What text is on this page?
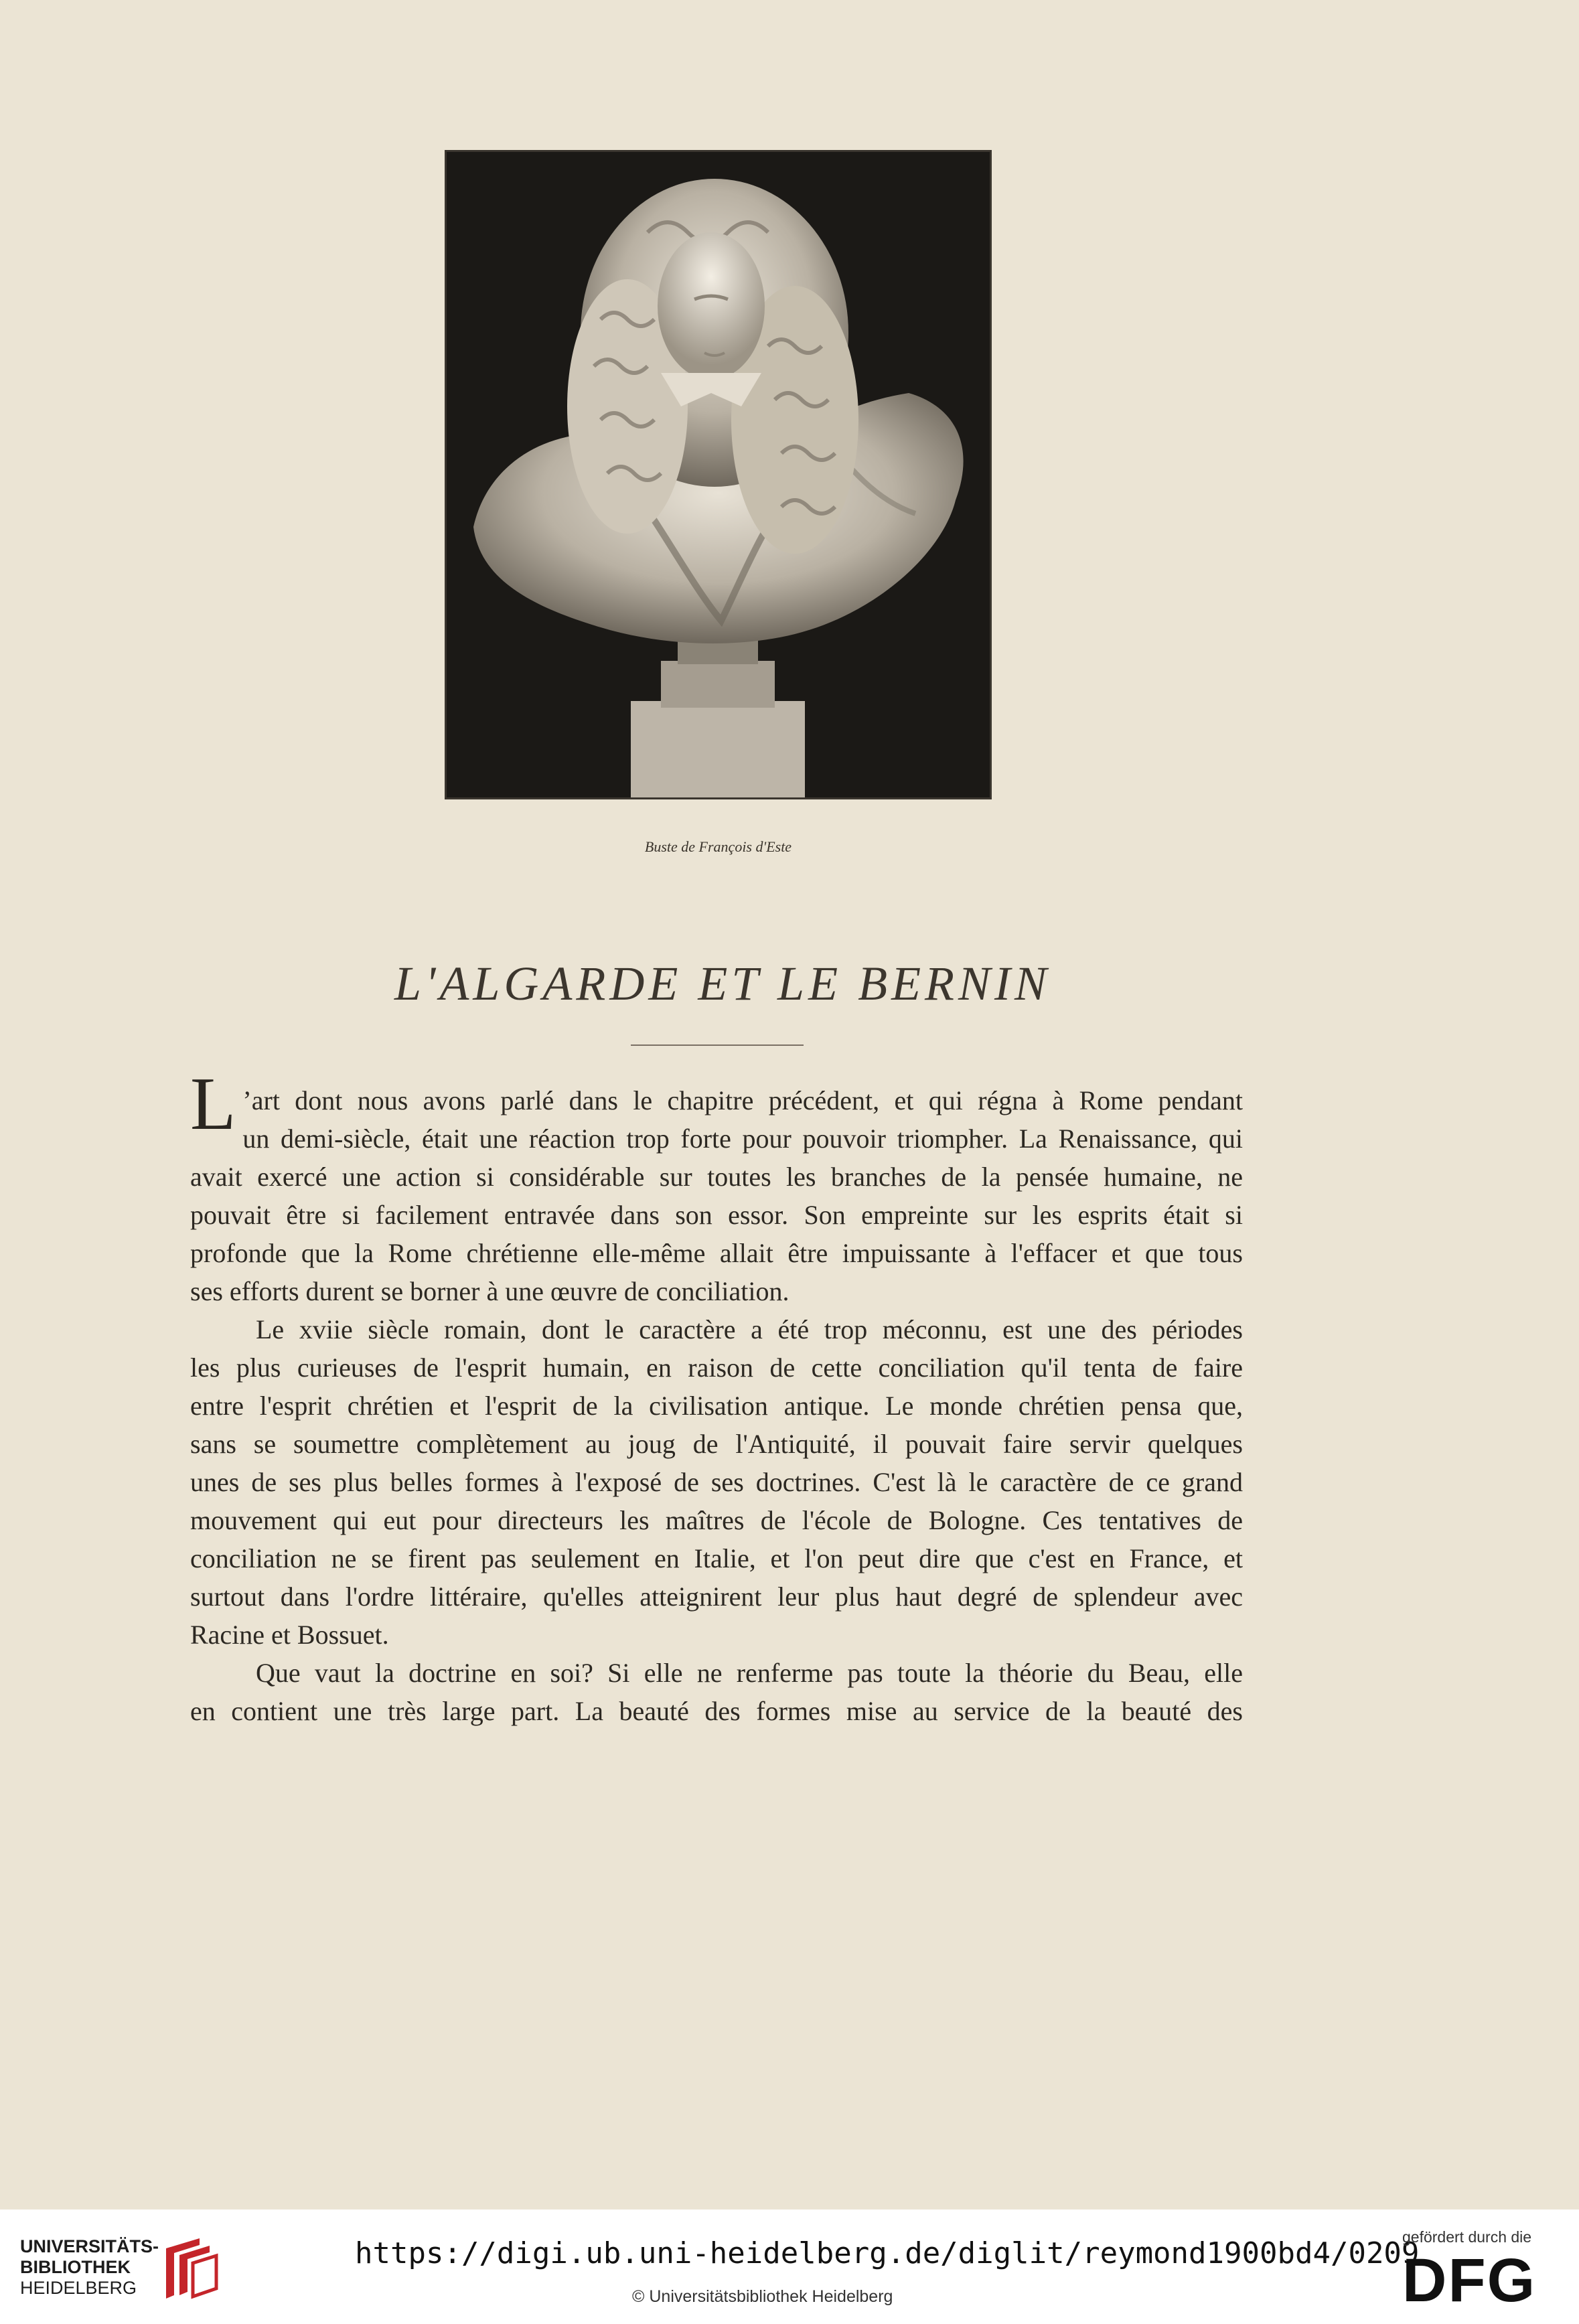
Buste de François d'Este
L'ALGARDE ET LE BERNIN

L ’art dont nous avons parlé dans le chapitre précédent, et qui régna à Rome pendant
un demi-siècle, était une réaction trop forte pour pouvoir triompher. La Renaissance, qui
avait exercé une action si considérable sur toutes les branches de la pensée humaine, ne
pouvait être si facilement entravée dans son essor. Son empreinte sur les esprits était si
profonde que la Rome chrétienne elle-même allait être impuissante à l'effacer et que tous
ses efforts durent se borner à une œuvre de conciliation.

Le xviie siècle romain, dont le caractère a été trop méconnu, est une des périodes
les plus curieuses de l'esprit humain, en raison de cette conciliation qu'il tenta de faire
entre l'esprit chrétien et l'esprit de la civilisation antique. Le monde chrétien pensa que,
sans se soumettre complètement au joug de l'Antiquité, il pouvait faire servir quelques
unes de ses plus belles formes à l'exposé de ses doctrines. C'est là le caractère de ce grand
mouvement qui eut pour directeurs les maîtres de l'école de Bologne. Ces tentatives de
conciliation ne se firent pas seulement en Italie, et l'on peut dire que c'est en France, et
surtout dans l'ordre littéraire, qu'elles atteignirent leur plus haut degré de splendeur avec
Racine et Bossuet.

Que vaut la doctrine en soi? Si elle ne renferme pas toute la théorie du Beau, elle
en contient une très large part. La beauté des formes mise au service de la beauté des

UNIVERSITÄTS-
BIBLIOTHEK
HEIDELBERG
https://digi.ub.uni-heidelberg.de/diglit/reymond1900bd4/0209
© Universitätsbibliothek Heidelberg
gefördert durch die
DFG
